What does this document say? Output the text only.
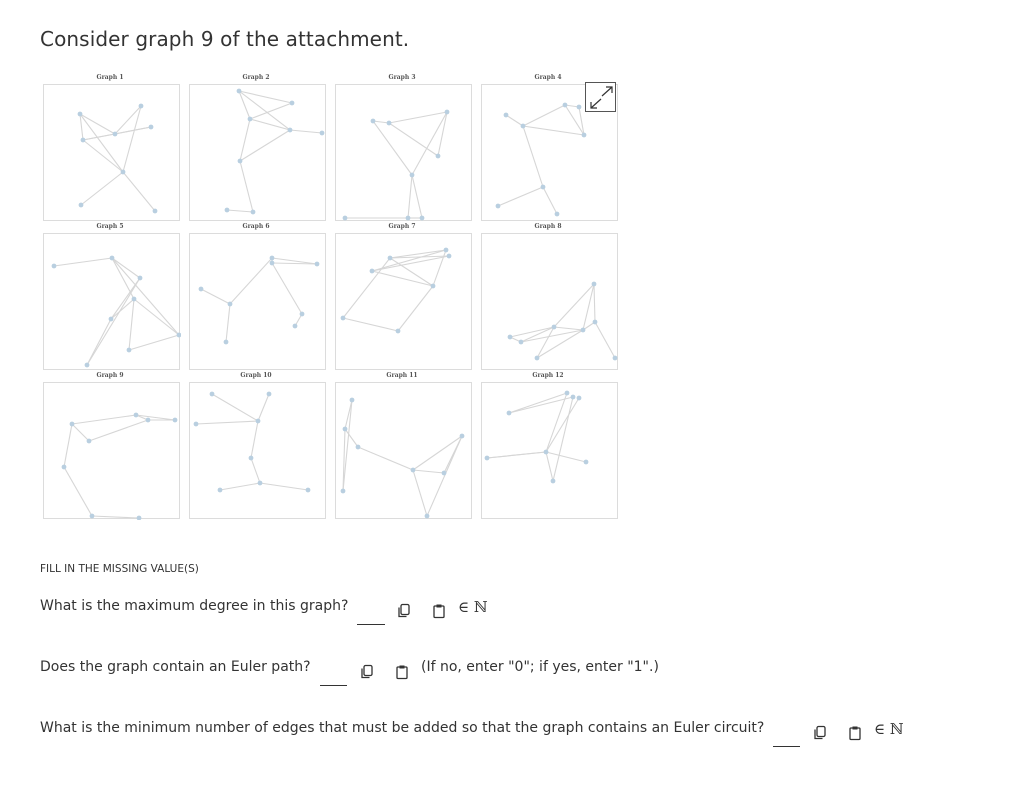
Consider graph 9 of the attachment.
Graph 1	Graph 2	Graph 3	Graph 4
Graph 5	Graph 6	Graph 7	Graph 8
Graph 9	Graph 10	Graph 11	Graph 12
FILL IN THE MISSING VALUE(S)
What is the maximum degree in this graph?	∈ ℕ
Does the graph contain an Euler path?	(If no, enter "0"; if yes, enter "1".)
What is the minimum number of edges that must be added so that the graph contains an Euler circuit?	∈ ℕ
